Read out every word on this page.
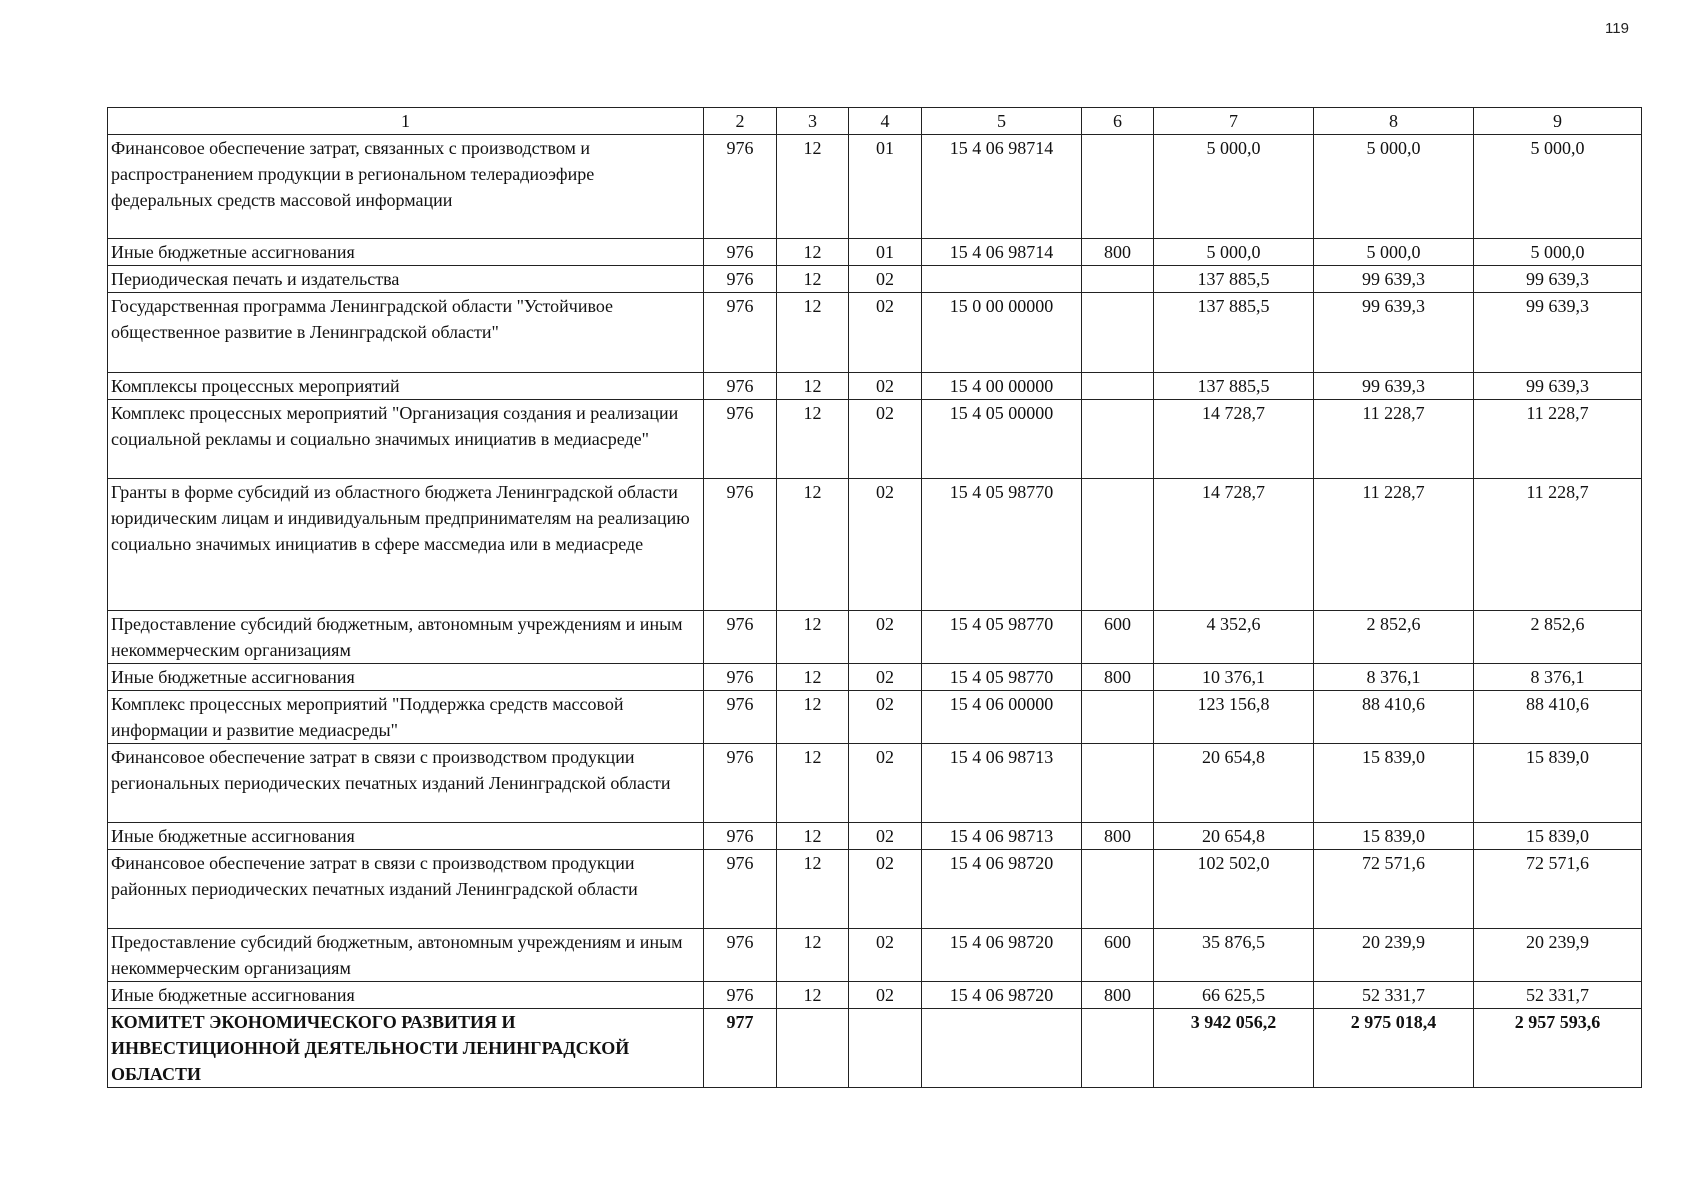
119
1	2	3	4	5	6	7	8	9
Финансовое обеспечение затрат, связанных с производством и распространением продукции в региональном телерадиоэфире федеральных средств массовой информации	976	12	01	15 4 06 98714		5 000,0	5 000,0	5 000,0
Иные бюджетные ассигнования	976	12	01	15 4 06 98714	800	5 000,0	5 000,0	5 000,0
Периодическая печать и издательства	976	12	02			137 885,5	99 639,3	99 639,3
Государственная программа Ленинградской области "Устойчивое общественное развитие в Ленинградской области"	976	12	02	15 0 00 00000		137 885,5	99 639,3	99 639,3
Комплексы процессных мероприятий	976	12	02	15 4 00 00000		137 885,5	99 639,3	99 639,3
Комплекс процессных мероприятий "Организация создания и реализации социальной рекламы и социально значимых инициатив в медиасреде"	976	12	02	15 4 05 00000		14 728,7	11 228,7	11 228,7
Гранты в форме субсидий из областного бюджета Ленинградской области юридическим лицам и индивидуальным предпринимателям на реализацию социально значимых инициатив в сфере массмедиа или в медиасреде	976	12	02	15 4 05 98770		14 728,7	11 228,7	11 228,7
Предоставление субсидий бюджетным, автономным учреждениям и иным некоммерческим организациям	976	12	02	15 4 05 98770	600	4 352,6	2 852,6	2 852,6
Иные бюджетные ассигнования	976	12	02	15 4 05 98770	800	10 376,1	8 376,1	8 376,1
Комплекс процессных мероприятий "Поддержка средств массовой информации и развитие медиасреды"	976	12	02	15 4 06 00000		123 156,8	88 410,6	88 410,6
Финансовое обеспечение затрат в связи с производством продукции региональных периодических печатных изданий Ленинградской области	976	12	02	15 4 06 98713		20 654,8	15 839,0	15 839,0
Иные бюджетные ассигнования	976	12	02	15 4 06 98713	800	20 654,8	15 839,0	15 839,0
Финансовое обеспечение затрат в связи с производством продукции районных периодических печатных изданий Ленинградской области	976	12	02	15 4 06 98720		102 502,0	72 571,6	72 571,6
Предоставление субсидий бюджетным, автономным учреждениям и иным некоммерческим организациям	976	12	02	15 4 06 98720	600	35 876,5	20 239,9	20 239,9
Иные бюджетные ассигнования	976	12	02	15 4 06 98720	800	66 625,5	52 331,7	52 331,7
КОМИТЕТ ЭКОНОМИЧЕСКОГО РАЗВИТИЯ И ИНВЕСТИЦИОННОЙ ДЕЯТЕЛЬНОСТИ ЛЕНИНГРАДСКОЙ ОБЛАСТИ	977					3 942 056,2	2 975 018,4	2 957 593,6
